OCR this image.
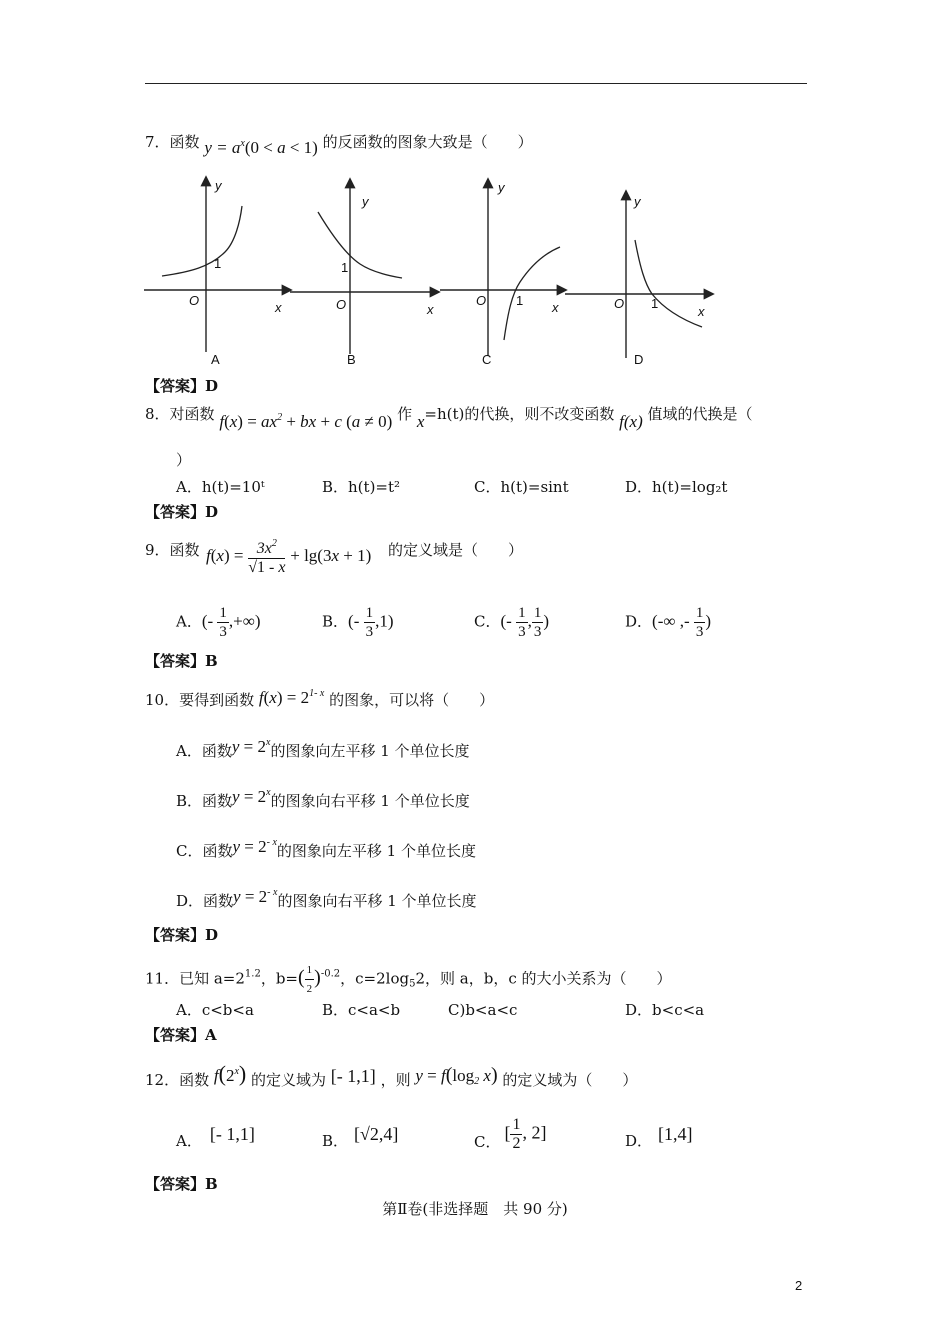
7．函数 $y = a^x(0 < a < 1)$ 的反函数的图象大致是（　　）
y
x
O
1
A
y
x
O
1
B
y
x
O 1
C
y
x
O 1
D
【答案】D
8．对函数 $f(x) = ax^2$ + bx + c (a ≠ 0) 作 x=h(t)的代换，则不改变函数 f(x) 值域的代换是（
）
A．h(t)=10ᵗ	B．h(t)=t²	C．h(t)=sint	D．h(t)=log₂t
【答案】D
9．函数 $f(x) = \frac{3x^2}{√1 - x} + \lg(3x + 1)$ 的定义域是（　　）
A．(- $\frac{1}{3}$ ,+∞)	B．(- $\frac{1}{3} ,1$)	C．(- $\frac{1}{3}$ , $\frac{1}{3}$ )	D．(-∞ ,- $\frac{1}{3}$ )
【答案】B
10．要得到函数 $f(x) = 2^{1- x}$ 的图象，可以将（　　）
A．函数$y = 2^x$的图象向左平移 1 个单位长度
B．函数$y = 2^x$的图象向右平移 1 个单位长度
C．函数$y = 2^{- x}$的图象向左平移 1 个单位长度
D．函数$y = 2^{- x}$的图象向右平移 1 个单位长度
【答案】D
11．已知 $a=2^{1.2}$，$b=( \frac{1}{2} )^{-0.2}$，$c=2\log_52$，则 a，b，c 的大小关系为（　　）
A．c<b<a	B．c<a<b	C)b<a<c	D．b<c<a
【答案】A
12．函数 f(2$^x$) 的定义域为 [- 1,1] ，则 $y = f(\log_2$ x) 的定义域为（　　）
A． [- 1,1]	B． [√2,4]	C． [ $\frac{1}{2}$ , 2]	D． [1,4]
【答案】B
第Ⅱ卷(非选择题　共 90 分)
2
